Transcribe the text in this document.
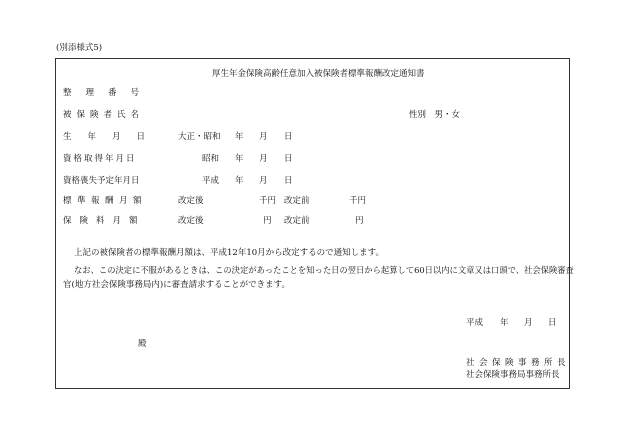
(別添様式5)
厚生年金保険高齢任意加入被保険者標準報酬改定通知書
整理番号
被保険者氏名	性別　男・女
生年月日 大正・昭和 年 月 日
資格取得年月日	昭和 年 月 日
資格喪失予定年月日	平成 年 月 日
標準報酬月額	改定後	千円 改定前	千円
保険料月額	改定後	円 改定前	円
上記の被保険者の標準報酬月額は、平成12年10月から改定するので通知します。
なお、この決定に不服があるときは、この決定があったことを知った日の翌日から起算して60日以内に文章又は口頭で、社会保険審査
官(地方社会保険事務局内)に審査請求することができます。
平成 年 月 日
殿
社会保険事務所長
社会保険事務局事務所長
